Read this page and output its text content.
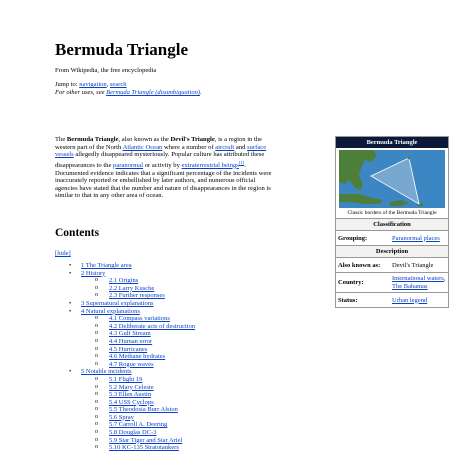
Bermuda Triangle
From Wikipedia, the free encyclopedia
Jump to: navigation, search
For other uses, see Bermuda Triangle (disambiguation).
The Bermuda Triangle, also known as the Devil's Triangle, is a region in the western part of the North Atlantic Ocean where a number of aircraft and surface vessels allegedly disappeared mysteriously. Popular culture has attributed these disappearances to the paranormal or activity by extraterrestrial beings[1]. Documented evidence indicates that a significant percentage of the incidents were inaccurately reported or embellished by later authors, and numerous official agencies have stated that the number and nature of disappearances in the region is similar to that in any other area of ocean.
Contents
[hide]
• 1 The Triangle area
• 2 History
o 2.1 Origins
o 2.2 Larry Kusche
o 2.3 Further responses
• 3 Supernatural explanations
• 4 Natural explanations
o 4.1 Compass variations
o 4.2 Deliberate acts of destruction
o 4.3 Gulf Stream
o 4.4 Human error
o 4.5 Hurricanes
o 4.6 Methane hydrates
o 4.7 Rogue waves
• 5 Notable incidents
o 5.1 Flight 19
o 5.2 Mary Celeste
o 5.3 Ellen Austin
o 5.4 USS Cyclops
o 5.5 Theodosia Burr Alston
o 5.6 Spray
o 5.7 Carroll A. Deering
o 5.8 Douglas DC-3
o 5.9 Star Tiger and Star Ariel
o 5.10 KC-135 Stratotankers
Bermuda Triangle
Classic borders of the Bermuda Triangle
Classification
Grouping:	Paranormal places
Description
Also known as:	Devil's Triangle
Country:
International waters, The Bahamas
Status:	Urban legend
